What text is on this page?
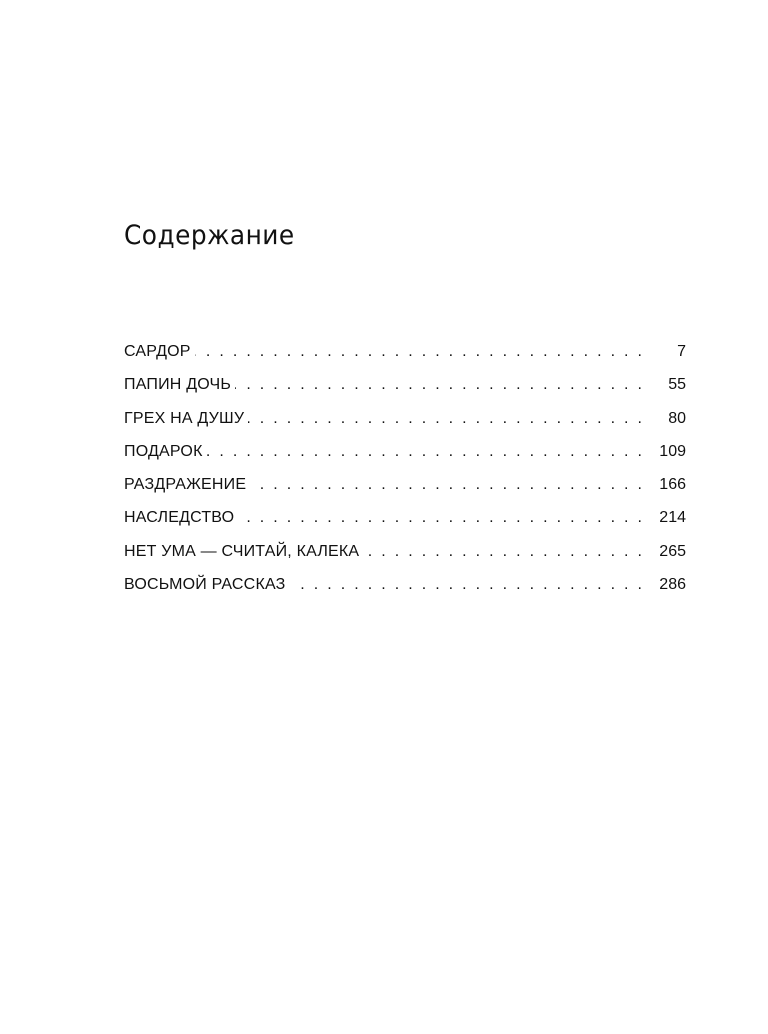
Содержание
САРДОР . . .	7
ПАПИН ДОЧЬ . . .	55
ГРЕХ НА ДУШУ . . .	80
ПОДАРОК . . .	109
РАЗДРАЖЕНИЕ . . .	166
НАСЛЕДСТВО . . .	214
НЕТ УМА — СЧИТАЙ, КАЛЕКА . . .	265
ВОСЬМОЙ РАССКАЗ . . .	286
